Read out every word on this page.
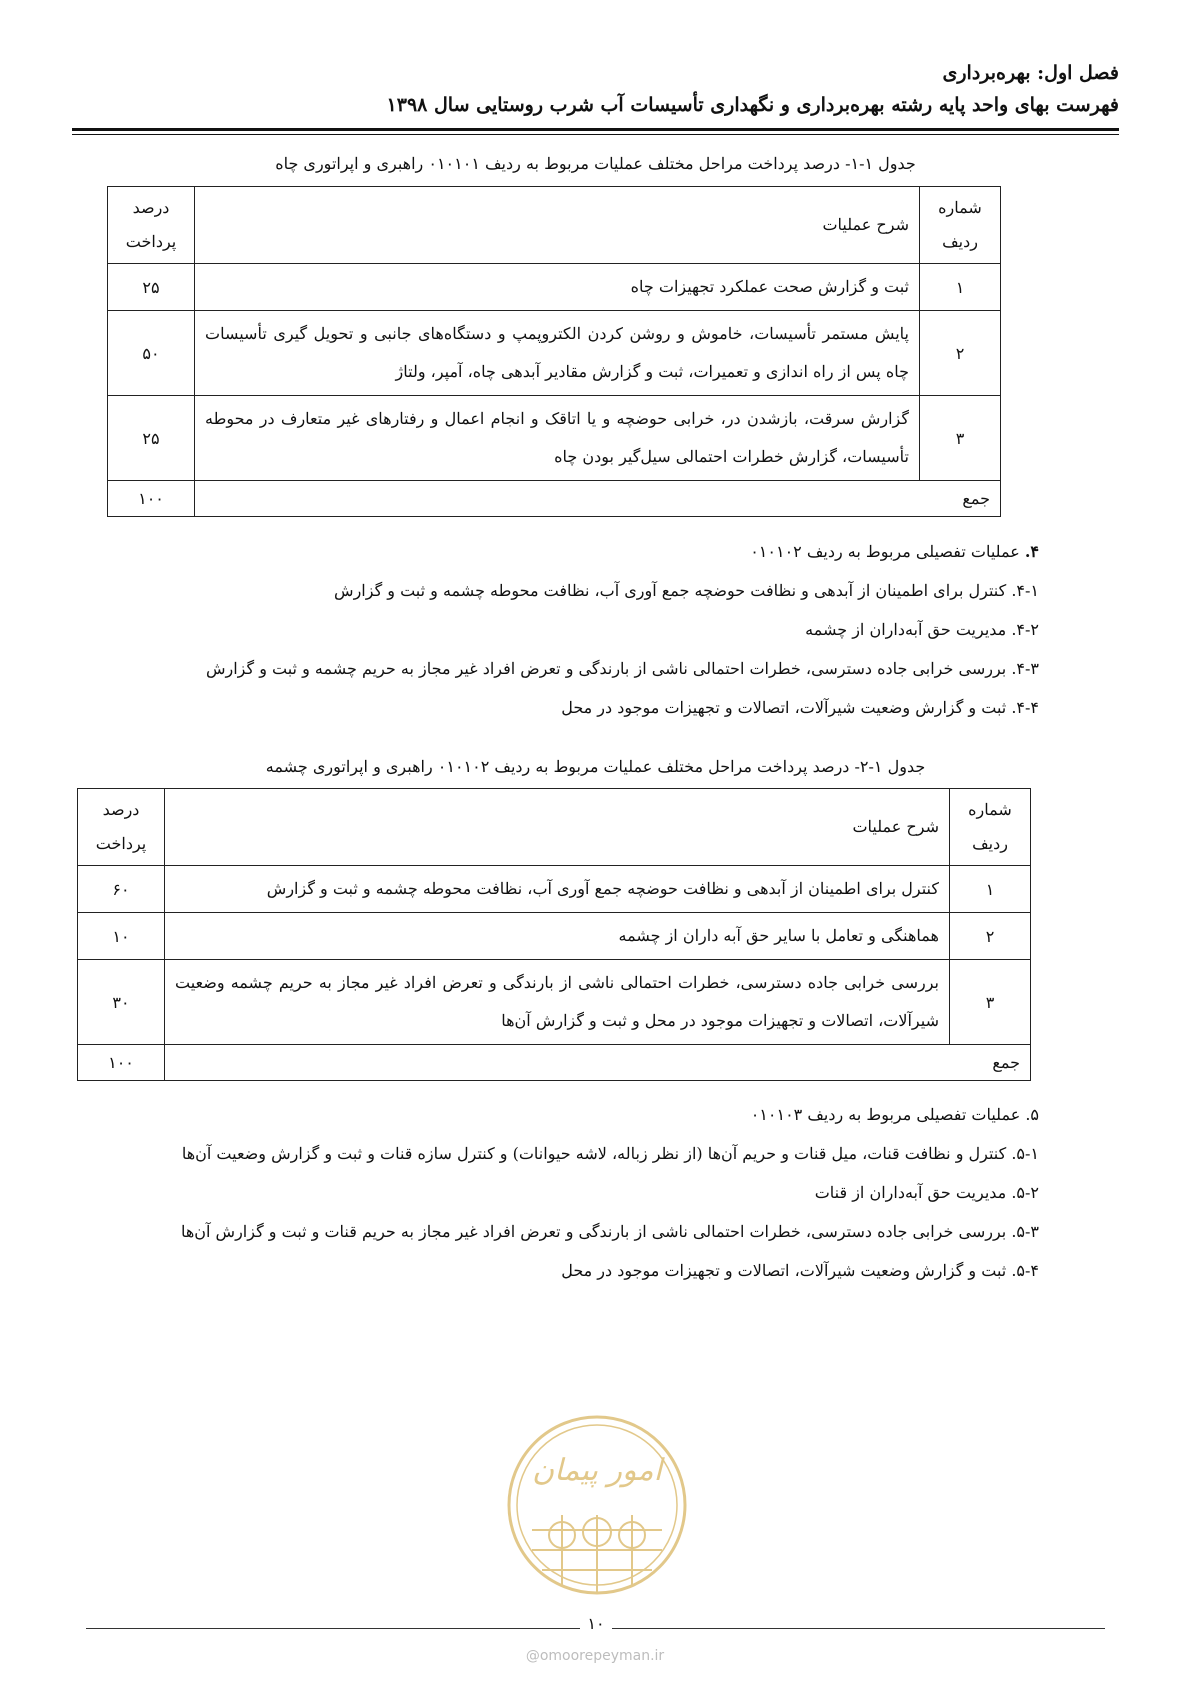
فصل اول: بهره‌برداری
فهرست بهای واحد پایه رشته بهره‌برداری و نگهداری تأسیسات آب شرب روستایی سال ۱۳۹۸
جدول ۱-۱- درصد پرداخت مراحل مختلف عملیات مربوط به ردیف ۰۱۰۱۰۱ راهبری و اپراتوری چاه
شماره ردیف	شرح عملیات	درصد پرداخت
۱	ثبت و گزارش صحت عملکرد تجهیزات چاه	۲۵
۲	پایش مستمر تأسیسات، خاموش و روشن کردن الکتروپمپ و دستگاه‌های جانبی و تحویل گیری تأسیسات چاه پس از راه اندازی و تعمیرات، ثبت و گزارش مقادیر آبدهی چاه، آمپر، ولتاژ	۵۰
۳	گزارش سرقت، بازشدن در، خرابی حوضچه و یا اتاقک و انجام اعمال و رفتارهای غیر متعارف در محوطه تأسیسات، گزارش خطرات احتمالی سیل‌گیر بودن چاه	۲۵
جمع		۱۰۰

۴. عملیات تفصیلی مربوط به ردیف ۰۱۰۱۰۲

۴-۱. کنترل برای اطمینان از آبدهی و نظافت حوضچه جمع آوری آب، نظافت محوطه چشمه و ثبت و گزارش

۴-۲. مدیریت حق آبه‌داران از چشمه

۴-۳. بررسی خرابی جاده دسترسی، خطرات احتمالی ناشی از بارندگی و تعرض افراد غیر مجاز به حریم چشمه و ثبت و گزارش

۴-۴. ثبت و گزارش وضعیت شیرآلات، اتصالات و تجهیزات موجود در محل

جدول ۱-۲- درصد پرداخت مراحل مختلف عملیات مربوط به ردیف ۰۱۰۱۰۲ راهبری و اپراتوری چشمه
شماره ردیف	شرح عملیات	درصد پرداخت
۱	کنترل برای اطمینان از آبدهی و نظافت حوضچه جمع آوری آب، نظافت محوطه چشمه و ثبت و گزارش	۶۰
۲	هماهنگی و تعامل با سایر حق آبه داران از چشمه	۱۰
۳	بررسی خرابی جاده دسترسی، خطرات احتمالی ناشی از بارندگی و تعرض افراد غیر مجاز به حریم چشمه وضعیت شیرآلات، اتصالات و تجهیزات موجود در محل و ثبت و گزارش آن‌ها	۳۰
جمع		۱۰۰

۵. عملیات تفصیلی مربوط به ردیف ۰۱۰۱۰۳

۵-۱. کنترل و نظافت قنات، میل قنات و حریم آن‌ها (از نظر زباله، لاشه حیوانات) و کنترل سازه قنات و ثبت و گزارش وضعیت آن‌ها

۵-۲. مدیریت حق آبه‌داران از قنات

۵-۳. بررسی خرابی جاده دسترسی، خطرات احتمالی ناشی از بارندگی و تعرض افراد غیر مجاز به حریم قنات و ثبت و گزارش آن‌ها

۵-۴. ثبت و گزارش وضعیت شیرآلات، اتصالات و تجهیزات موجود در محل

امور پیمان
۱۰
@omoorepeyman.ir
